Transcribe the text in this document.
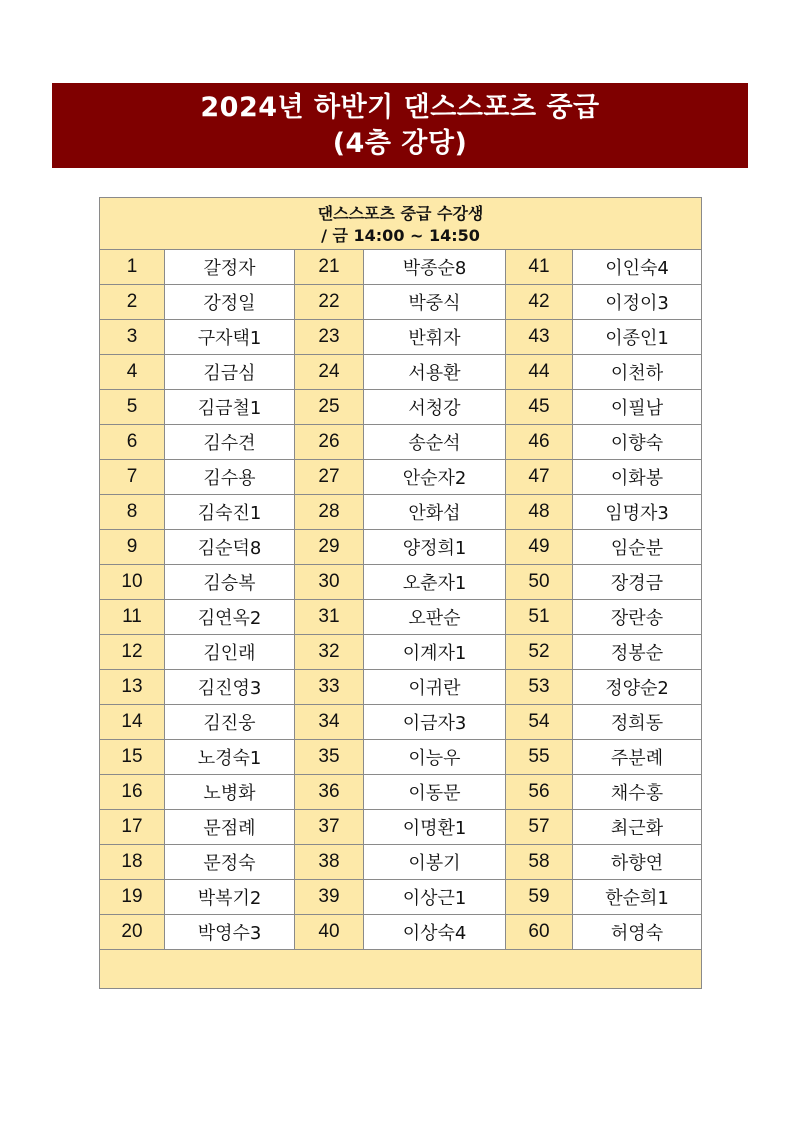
2024년 하반기 댄스스포츠 중급
(4층 강당)
댄스스포츠 중급 수강생
/ 금 14:00 ~ 14:50					

1	갈정자	21	박종순8	41	이인숙4
2	강정일	22	박중식	42	이정이3
3	구자택1	23	반휘자	43	이종인1
4	김금심	24	서용환	44	이천하
5	김금철1	25	서청강	45	이필남
6	김수견	26	송순석	46	이향숙
7	김수용	27	안순자2	47	이화봉
8	김숙진1	28	안화섭	48	임명자3
9	김순덕8	29	양정희1	49	임순분
10	김승복	30	오춘자1	50	장경금
11	김연옥2	31	오판순	51	장란송
12	김인래	32	이계자1	52	정봉순
13	김진영3	33	이귀란	53	정양순2
14	김진웅	34	이금자3	54	정희동
15	노경숙1	35	이능우	55	주분례
16	노병화	36	이동문	56	채수홍
17	문점례	37	이명환1	57	최근화
18	문정숙	38	이봉기	58	하향연
19	박복기2	39	이상근1	59	한순희1
20	박영수3	40	이상숙4	60	허영숙
